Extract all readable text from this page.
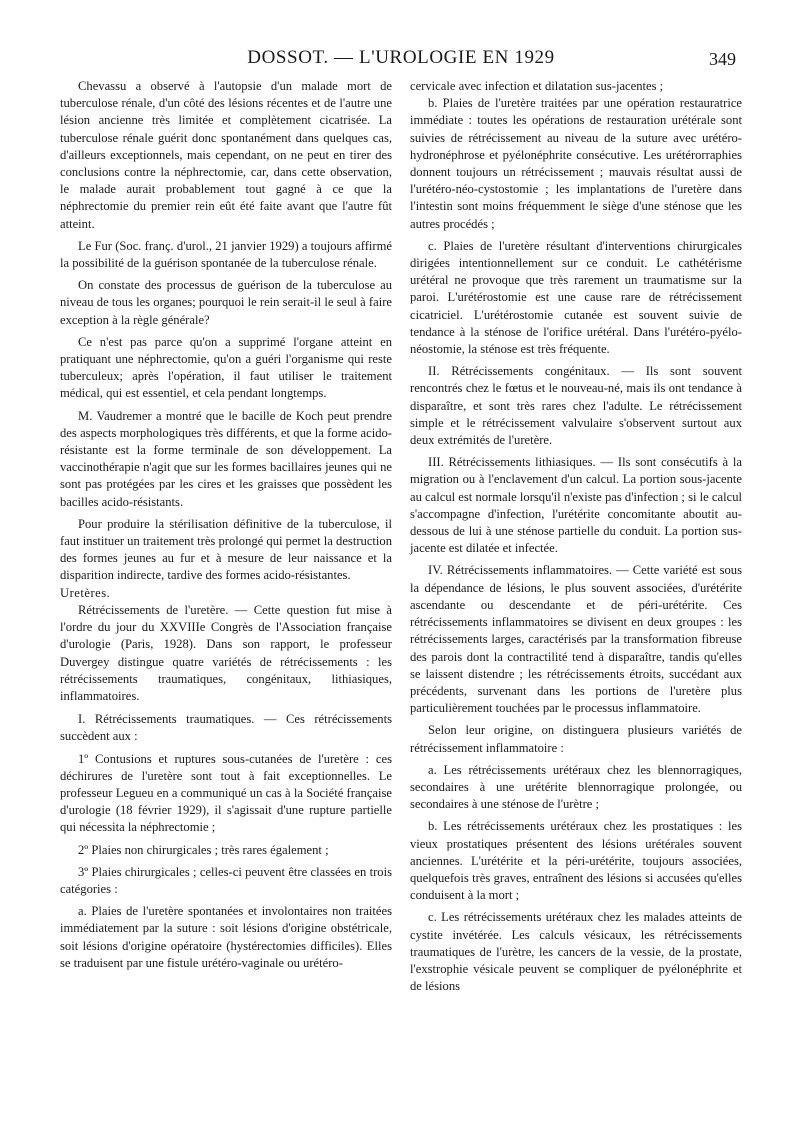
DOSSOT. — L'UROLOGIE EN 1929	349

Chevassu a observé à l'autopsie d'un malade mort de tuberculose rénale, d'un côté des lésions récentes et de l'autre une lésion ancienne très limitée et complètement cicatrisée. La tuberculose rénale guérit donc spontanément dans quelques cas, d'ailleurs exceptionnels, mais cependant, on ne peut en tirer des conclusions contre la néphrectomie, car, dans cette observation, le malade aurait probablement tout gagné à ce que la néphrectomie du premier rein eût été faite avant que l'autre fût atteint.

Le Fur (Soc. franç. d'urol., 21 janvier 1929) a toujours affirmé la possibilité de la guérison spontanée de la tuberculose rénale.

On constate des processus de guérison de la tuberculose au niveau de tous les organes; pourquoi le rein serait-il le seul à faire exception à la règle générale?

Ce n'est pas parce qu'on a supprimé l'organe atteint en pratiquant une néphrectomie, qu'on a guéri l'organisme qui reste tuberculeux; après l'opération, il faut utiliser le traitement médical, qui est essentiel, et cela pendant longtemps.

M. Vaudremer a montré que le bacille de Koch peut prendre des aspects morphologiques très différents, et que la forme acido-résistante est la forme terminale de son développement. La vaccinothérapie n'agit que sur les formes bacillaires jeunes qui ne sont pas protégées par les cires et les graisses que possèdent les bacilles acido-résistants.

Pour produire la stérilisation définitive de la tuberculose, il faut instituer un traitement très prolongé qui permet la destruction des formes jeunes au fur et à mesure de leur naissance et la disparition indirecte, tardive des formes acido-résistantes.

Uretères.

Rétrécissements de l'uretère. — Cette question fut mise à l'ordre du jour du XXVIIIe Congrès de l'Association française d'urologie (Paris, 1928). Dans son rapport, le professeur Duvergey distingue quatre variétés de rétrécissements : les rétrécissements traumatiques, congénitaux, lithiasiques, inflammatoires.

I. Rétrécissements traumatiques. — Ces rétrécissements succèdent aux :

1º Contusions et ruptures sous-cutanées de l'uretère : ces déchirures de l'uretère sont tout à fait exceptionnelles. Le professeur Legueu en a communiqué un cas à la Société française d'urologie (18 février 1929), il s'agissait d'une rupture partielle qui nécessita la néphrectomie ;

2º Plaies non chirurgicales ; très rares également ;

3º Plaies chirurgicales ; celles-ci peuvent être classées en trois catégories :

a. Plaies de l'uretère spontanées et involontaires non traitées immédiatement par la suture : soit lésions d'origine obstétricale, soit lésions d'origine opératoire (hystérectomies difficiles). Elles se traduisent par une fistule urétéro-vaginale ou urétéro-

cervicale avec infection et dilatation sus-jacentes ;

b. Plaies de l'uretère traitées par une opération restauratrice immédiate : toutes les opérations de restauration urétérale sont suivies de rétrécissement au niveau de la suture avec urétéro-hydronéphrose et pyélonéphrite consécutive. Les urétérorraphies donnent toujours un rétrécissement ; mauvais résultat aussi de l'urétéro-néo-cystostomie ; les implantations de l'uretère dans l'intestin sont moins fréquemment le siège d'une sténose que les autres procédés ;

c. Plaies de l'uretère résultant d'interventions chirurgicales dirigées intentionnellement sur ce conduit. Le cathétérisme urétéral ne provoque que très rarement un traumatisme sur la paroi. L'urétérostomie est une cause rare de rétrécissement cicatriciel. L'urétérostomie cutanée est souvent suivie de tendance à la sténose de l'orifice urétéral. Dans l'urétéro-pyélo-néostomie, la sténose est très fréquente.

II. Rétrécissements congénitaux. — Ils sont souvent rencontrés chez le fœtus et le nouveau-né, mais ils ont tendance à disparaître, et sont très rares chez l'adulte. Le rétrécissement simple et le rétrécissement valvulaire s'observent surtout aux deux extrémités de l'uretère.

III. Rétrécissements lithiasiques. — Ils sont consécutifs à la migration ou à l'enclavement d'un calcul. La portion sous-jacente au calcul est normale lorsqu'il n'existe pas d'infection ; si le calcul s'accompagne d'infection, l'urétérite concomitante aboutit au-dessous de lui à une sténose partielle du conduit. La portion sus-jacente est dilatée et infectée.

IV. Rétrécissements inflammatoires. — Cette variété est sous la dépendance de lésions, le plus souvent associées, d'urétérite ascendante ou descendante et de péri-urétérite. Ces rétrécissements inflammatoires se divisent en deux groupes : les rétrécissements larges, caractérisés par la transformation fibreuse des parois dont la contractilité tend à disparaître, tandis qu'elles se laissent distendre ; les rétrécissements étroits, succédant aux précédents, survenant dans les portions de l'uretère plus particulièrement touchées par le processus inflammatoire.

Selon leur origine, on distinguera plusieurs variétés de rétrécissement inflammatoire :

a. Les rétrécissements urétéraux chez les blennorragiques, secondaires à une urétérite blennorragique prolongée, ou secondaires à une sténose de l'urètre ;

b. Les rétrécissements urétéraux chez les prostatiques : les vieux prostatiques présentent des lésions urétérales souvent anciennes. L'urétérite et la péri-urétérite, toujours associées, quelquefois très graves, entraînent des lésions si accusées qu'elles conduisent à la mort ;

c. Les rétrécissements urétéraux chez les malades atteints de cystite invétérée. Les calculs vésicaux, les rétrécissements traumatiques de l'urètre, les cancers de la vessie, de la prostate, l'exstrophie vésicale peuvent se compliquer de pyélonéphrite et de lésions
